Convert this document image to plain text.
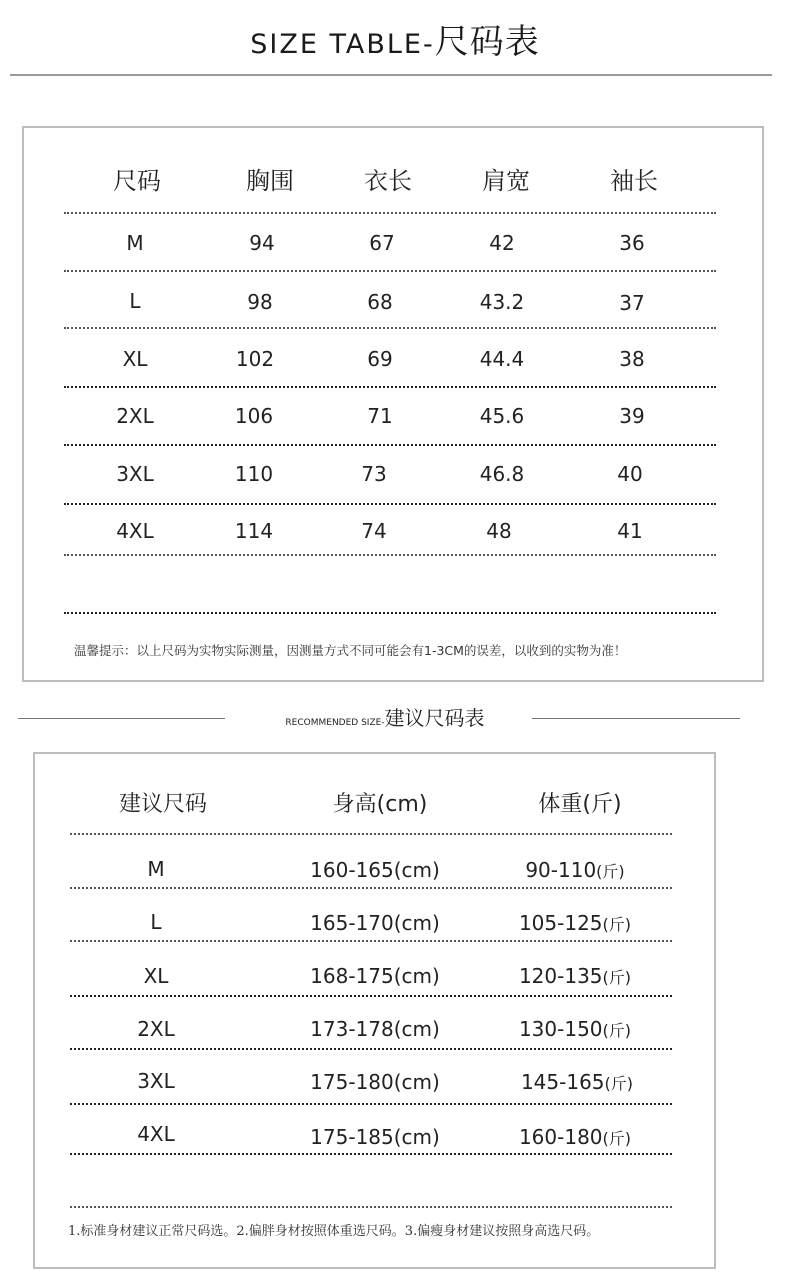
SIZE TABLE-尺码表
尺码	胸围	衣长	肩宽	袖长
M	94	67	42	36
L	98	68	43.2	37
XL	102	69	44.4	38
2XL	106	71	45.6	39
3XL	110	73	46.8	40
4XL	114	74	48	41
温馨提示：以上尺码为实物实际测量，因测量方式不同可能会有1-3CM的误差，以收到的实物为准！
RECOMMENDED SIZE-建议尺码表
建议尺码	身高(cm)	体重(斤)
M	160-165(cm)	90-110(斤)
L	165-170(cm)	105-125(斤)
XL	168-175(cm)	120-135(斤)
2XL	173-178(cm)	130-150(斤)
3XL	175-180(cm)	145-165(斤)
4XL	175-185(cm)	160-180(斤)
1.标准身材建议正常尺码选。2.偏胖身材按照体重选尺码。3.偏瘦身材建议按照身高选尺码。
